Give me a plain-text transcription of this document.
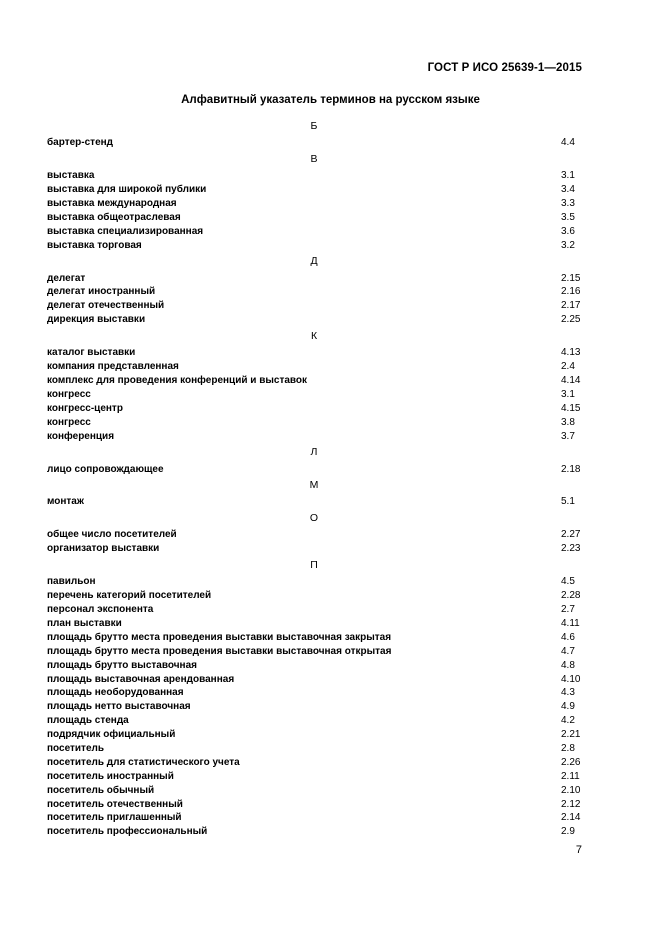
ГОСТ Р ИСО 25639-1—2015
Алфавитный указатель терминов на русском языке
Б
бартер-стенд	4.4
В
выставка	3.1
выставка для широкой публики	3.4
выставка международная	3.3
выставка общеотраслевая	3.5
выставка специализированная	3.6
выставка торговая	3.2
Д
делегат	2.15
делегат иностранный	2.16
делегат отечественный	2.17
дирекция выставки	2.25
К
каталог выставки	4.13
компания представленная	2.4
комплекс для проведения конференций и выставок	4.14
конгресс	3.1
конгресс-центр	4.15
конгресс	3.8
конференция	3.7
Л
лицо сопровождающее	2.18
М
монтаж	5.1
О
общее число посетителей	2.27
организатор выставки	2.23
П
павильон	4.5
перечень категорий посетителей	2.28
персонал экспонента	2.7
план выставки	4.11
площадь брутто места проведения выставки выставочная закрытая	4.6
площадь брутто места проведения выставки выставочная открытая	4.7
площадь брутто выставочная	4.8
площадь выставочная арендованная	4.10
площадь необорудованная	4.3
площадь нетто выставочная	4.9
площадь стенда	4.2
подрядчик официальный	2.21
посетитель	2.8
посетитель для статистического учета	2.26
посетитель иностранный	2.11
посетитель обычный	2.10
посетитель отечественный	2.12
посетитель приглашенный	2.14
посетитель профессиональный	2.9
7
